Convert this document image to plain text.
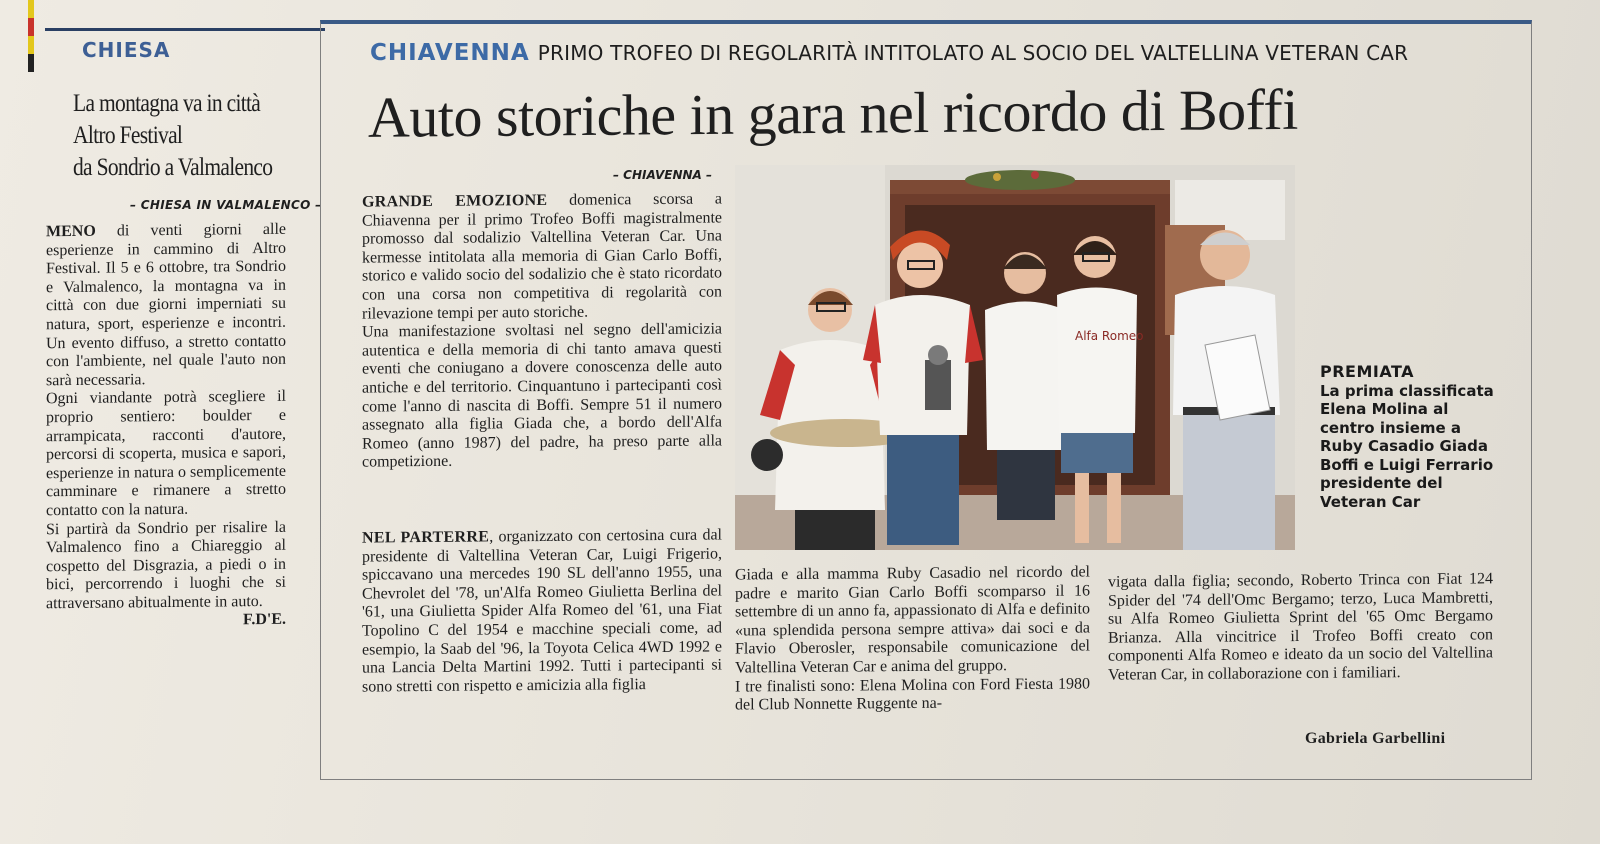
CHIESA
La montagna va in città
Altro Festival
da Sondrio a Valmalenco
– CHIESA IN VALMALENCO –

MENO di venti giorni alle esperienze in cammino di Altro Festival. Il 5 e 6 ottobre, tra Sondrio e Valmalenco, la montagna va in città con due giorni imperniati su natura, sport, esperienze e incontri. Un evento diffuso, a stretto contatto con l'ambiente, nel quale l'auto non sarà necessaria.

Ogni viandante potrà scegliere il proprio sentiero: boulder e arrampicata, racconti d'autore, percorsi di scoperta, musica e sapori, esperienze in natura o semplicemente camminare e rimanere a stretto contatto con la natura.

Si partirà da Sondrio per risalire la Valmalenco fino a Chiareggio al cospetto del Disgrazia, a piedi o in bici, percorrendo i luoghi che si attraversano abitualmente in auto.
F.D'E.

CHIAVENNA PRIMO TROFEO DI REGOLARITÀ INTITOLATO AL SOCIO DEL VALTELLINA VETERAN CAR
Auto storiche in gara nel ricordo di Boffi
– CHIAVENNA –

GRANDE EMOZIONE domenica scorsa a Chiavenna per il primo Trofeo Boffi magistralmente promosso dal sodalizio Valtellina Veteran Car. Una kermesse intitolata alla memoria di Gian Carlo Boffi, storico e valido socio del sodalizio che è stato ricordato con una corsa non competitiva di regolarità con rilevazione tempi per auto storiche.

Una manifestazione svoltasi nel segno dell'amicizia autentica e della memoria di chi tanto amava questi eventi che coniugano a dovere conoscenza delle auto antiche e del territorio. Cinquantuno i partecipanti così come l'anno di nascita di Boffi. Sempre 51 il numero assegnato alla figlia Giada che, a bordo dell'Alfa Romeo (anno 1987) del padre, ha preso parte alla competizione.

NEL PARTERRE, organizzato con certosina cura dal presidente di Valtellina Veteran Car, Luigi Frigerio, spiccavano una mercedes 190 SL dell'anno 1955, una Chevrolet del '78, un'Alfa Romeo Giulietta Berlina del '61, una Giulietta Spider Alfa Romeo del '61, una Fiat Topolino C del 1954 e macchine speciali come, ad esempio, la Saab del '96, la Toyota Celica 4WD 1992 e una Lancia Delta Martini 1992. Tutti i partecipanti si sono stretti con rispetto e amicizia alla figlia

Giada e alla mamma Ruby Casadio nel ricordo del padre e marito Gian Carlo Boffi scomparso il 16 settembre di un anno fa, appassionato di Alfa e definito «una splendida persona sempre attiva» dai soci e da Flavio Oberosler, responsabile comunicazione del Valtellina Veteran Car e anima del gruppo.

I tre finalisti sono: Elena Molina con Ford Fiesta 1980 del Club Nonnette Ruggente na-

vigata dalla figlia; secondo, Roberto Trinca con Fiat 124 Spider del '74 dell'Omc Bergamo; terzo, Luca Mambretti, su Alfa Romeo Giulietta Sprint del '65 Omc Bergamo Brianza. Alla vincitrice il Trofeo Boffi creato con componenti Alfa Romeo e ideato da un socio del Valtellina Veteran Car, in collaborazione con i familiari.

Gabriela Garbellini
Alfa Romeo
PREMIATA
La prima classificata Elena Molina al centro insieme a Ruby Casadio Giada Boffi e Luigi Ferrario presidente del Veteran Car
